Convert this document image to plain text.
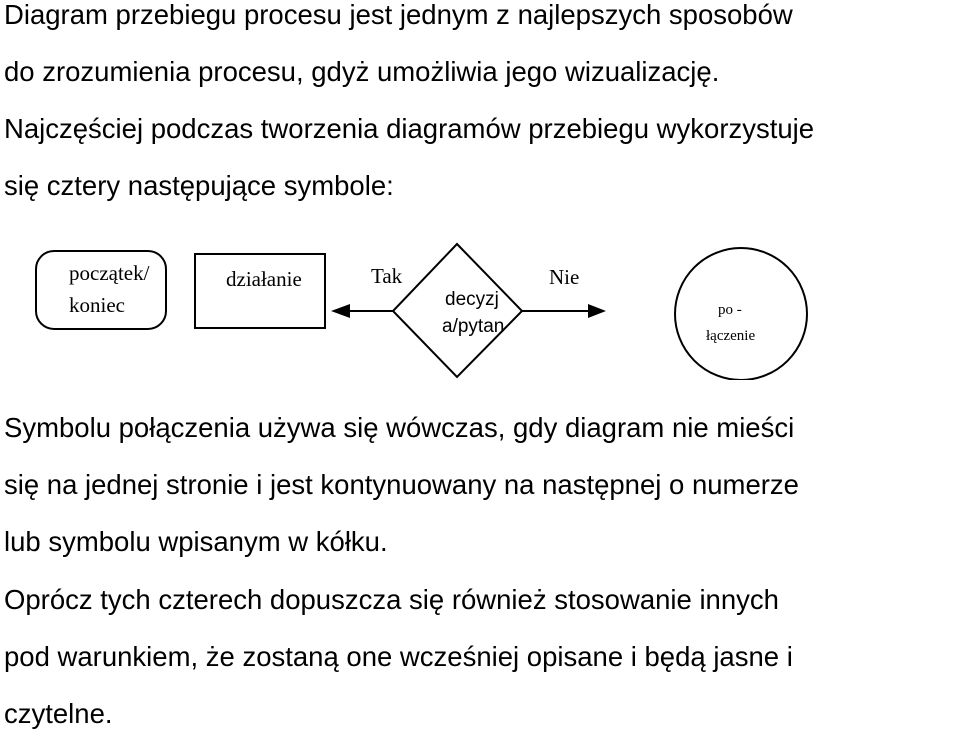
Diagram przebiegu procesu jest jednym z najlepszych sposobów
do zrozumienia procesu, gdyż umożliwia jego wizualizację.
Najczęściej podczas tworzenia diagramów przebiegu wykorzystuje
się cztery następujące symbole:
początek/
koniec
działanie	Tak
decyzj
a/pytan
Nie
po -
łączenie
Symbolu połączenia używa się wówczas, gdy diagram nie mieści
się na jednej stronie i jest kontynuowany na następnej o numerze
lub symbolu wpisanym w kółku.
Oprócz tych czterech dopuszcza się również stosowanie innych
pod warunkiem, że zostaną one wcześniej opisane i będą jasne i
czytelne.
